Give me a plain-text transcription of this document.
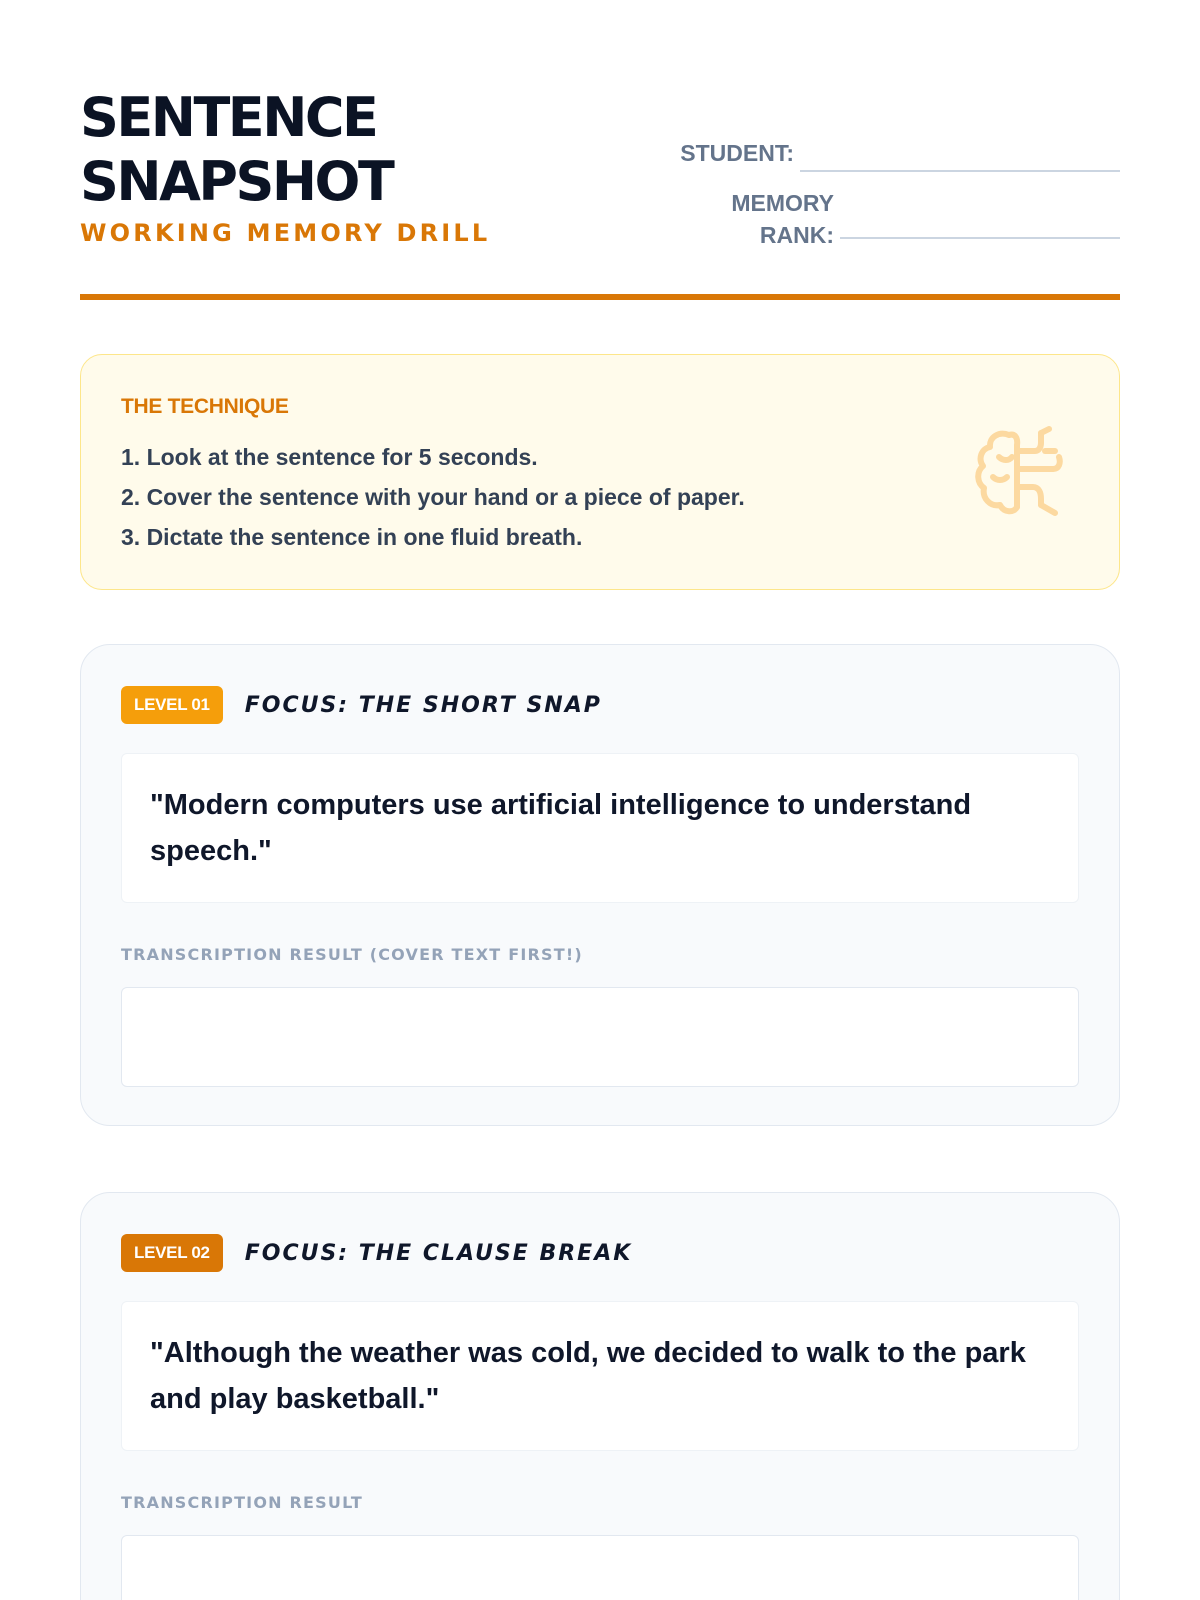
SENTENCE SNAPSHOT
WORKING MEMORY DRILL
STUDENT:
MEMORY RANK:
THE TECHNIQUE
1. Look at the sentence for 5 seconds.
2. Cover the sentence with your hand or a piece of paper.
3. Dictate the sentence in one fluid breath.
LEVEL 01	FOCUS: THE SHORT SNAP
"Modern computers use artificial intelligence to understand speech."
TRANSCRIPTION RESULT (COVER TEXT FIRST!)
LEVEL 02	FOCUS: THE CLAUSE BREAK
"Although the weather was cold, we decided to walk to the park and play basketball."
TRANSCRIPTION RESULT
